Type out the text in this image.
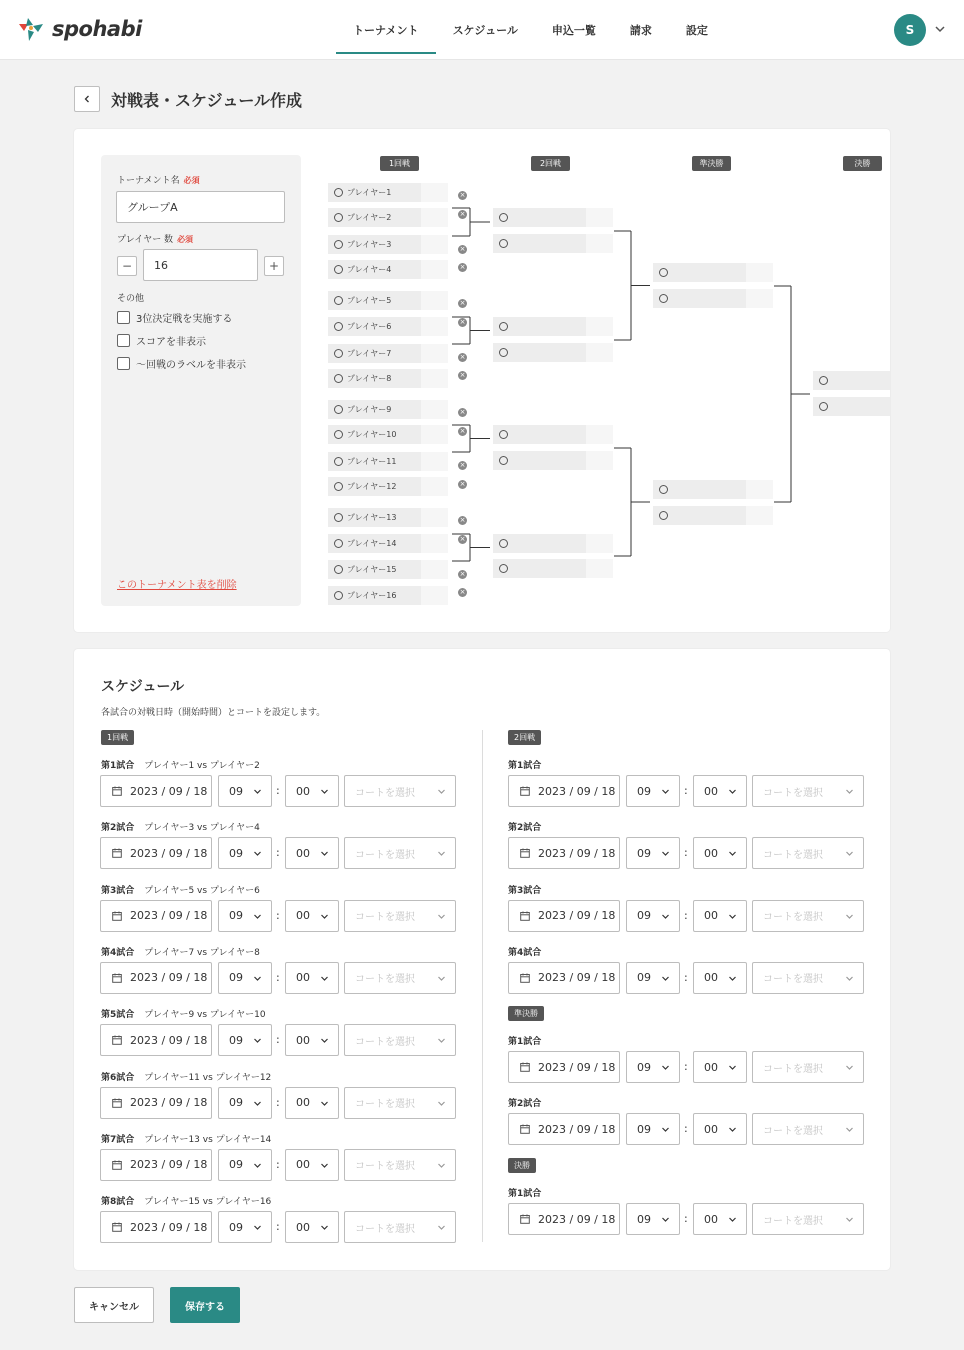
spohabi	トーナメント	スケジュール	申込一覧	請求	設定	S
対戦表・スケジュール作成
トーナメント名 必須
グループA
プレイヤー 数 必須
−	16	+
その他
3位決定戦を実施する
スコアを非表示
〜回戦のラベルを非表示
このトーナメント表を削除
1回戦	2回戦	準決勝	決勝
プレイヤー1
プレイヤー2
プレイヤー3
プレイヤー4
プレイヤー5
プレイヤー6
プレイヤー7
プレイヤー8
プレイヤー9
プレイヤー10
プレイヤー11
プレイヤー12
プレイヤー13
プレイヤー14
プレイヤー15
プレイヤー16
×
×
×
×
×
×
×
×
×
×
×
×
×
×
×
×
スケジュール
各試合の対戦日時（開始時間）とコートを設定します。
1回戦
第1試合 プレイヤー1 vs プレイヤー2
2023 / 09 / 18 09	: 00	コートを選択
第2試合 プレイヤー3 vs プレイヤー4
2023 / 09 / 18 09	: 00	コートを選択
第3試合 プレイヤー5 vs プレイヤー6
2023 / 09 / 18 09	: 00	コートを選択
第4試合 プレイヤー7 vs プレイヤー8
2023 / 09 / 18 09	: 00	コートを選択
第5試合 プレイヤー9 vs プレイヤー10
2023 / 09 / 18 09	: 00	コートを選択
第6試合 プレイヤー11 vs プレイヤー12
2023 / 09 / 18 09	: 00	コートを選択
第7試合 プレイヤー13 vs プレイヤー14
2023 / 09 / 18 09	: 00	コートを選択
第8試合 プレイヤー15 vs プレイヤー16
2023 / 09 / 18 09	: 00	コートを選択
2回戦
第1試合
2023 / 09 / 18 09	: 00	コートを選択
第2試合
2023 / 09 / 18 09	: 00	コートを選択
第3試合
2023 / 09 / 18 09	: 00	コートを選択
第4試合
2023 / 09 / 18 09	: 00	コートを選択
準決勝
第1試合
2023 / 09 / 18 09	: 00	コートを選択
第2試合
2023 / 09 / 18 09	: 00	コートを選択
決勝
第1試合
2023 / 09 / 18 09	: 00	コートを選択
キャンセル	保存する
